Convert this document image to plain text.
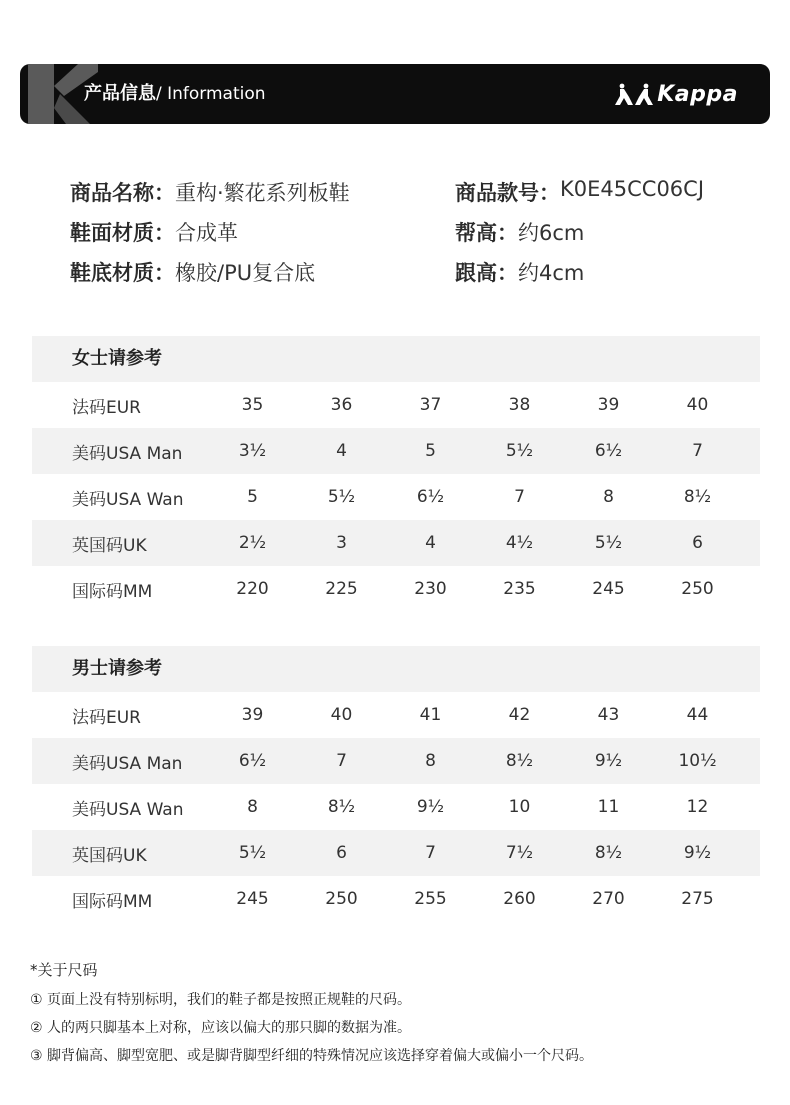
产品信息/ Information	Kappa
商品名称： 重构·繁花系列板鞋	商品款号： K0E45CC06CJ
鞋面材质： 合成革	帮高： 约6cm
鞋底材质： 橡胶/PU复合底	跟高： 约4cm
女士请参考
法码EUR	35	36	37	38	39	40
美码USA Man	3½	4	5	5½	6½	7
美码USA Wan	5	5½	6½	7	8	8½
英国码UK	2½	3	4	4½	5½	6
国际码MM	220	225	230	235	245	250
男士请参考
法码EUR	39	40	41	42	43	44
美码USA Man	6½	7	8	8½	9½	10½
美码USA Wan	8	8½	9½	10	11	12
英国码UK	5½	6	7	7½	8½	9½
国际码MM	245	250	255	260	270	275
*关于尺码
① 页面上没有特别标明，我们的鞋子都是按照正规鞋的尺码。
② 人的两只脚基本上对称，应该以偏大的那只脚的数据为准。
③ 脚背偏高、脚型宽肥、或是脚背脚型纤细的特殊情况应该选择穿着偏大或偏小一个尺码。
